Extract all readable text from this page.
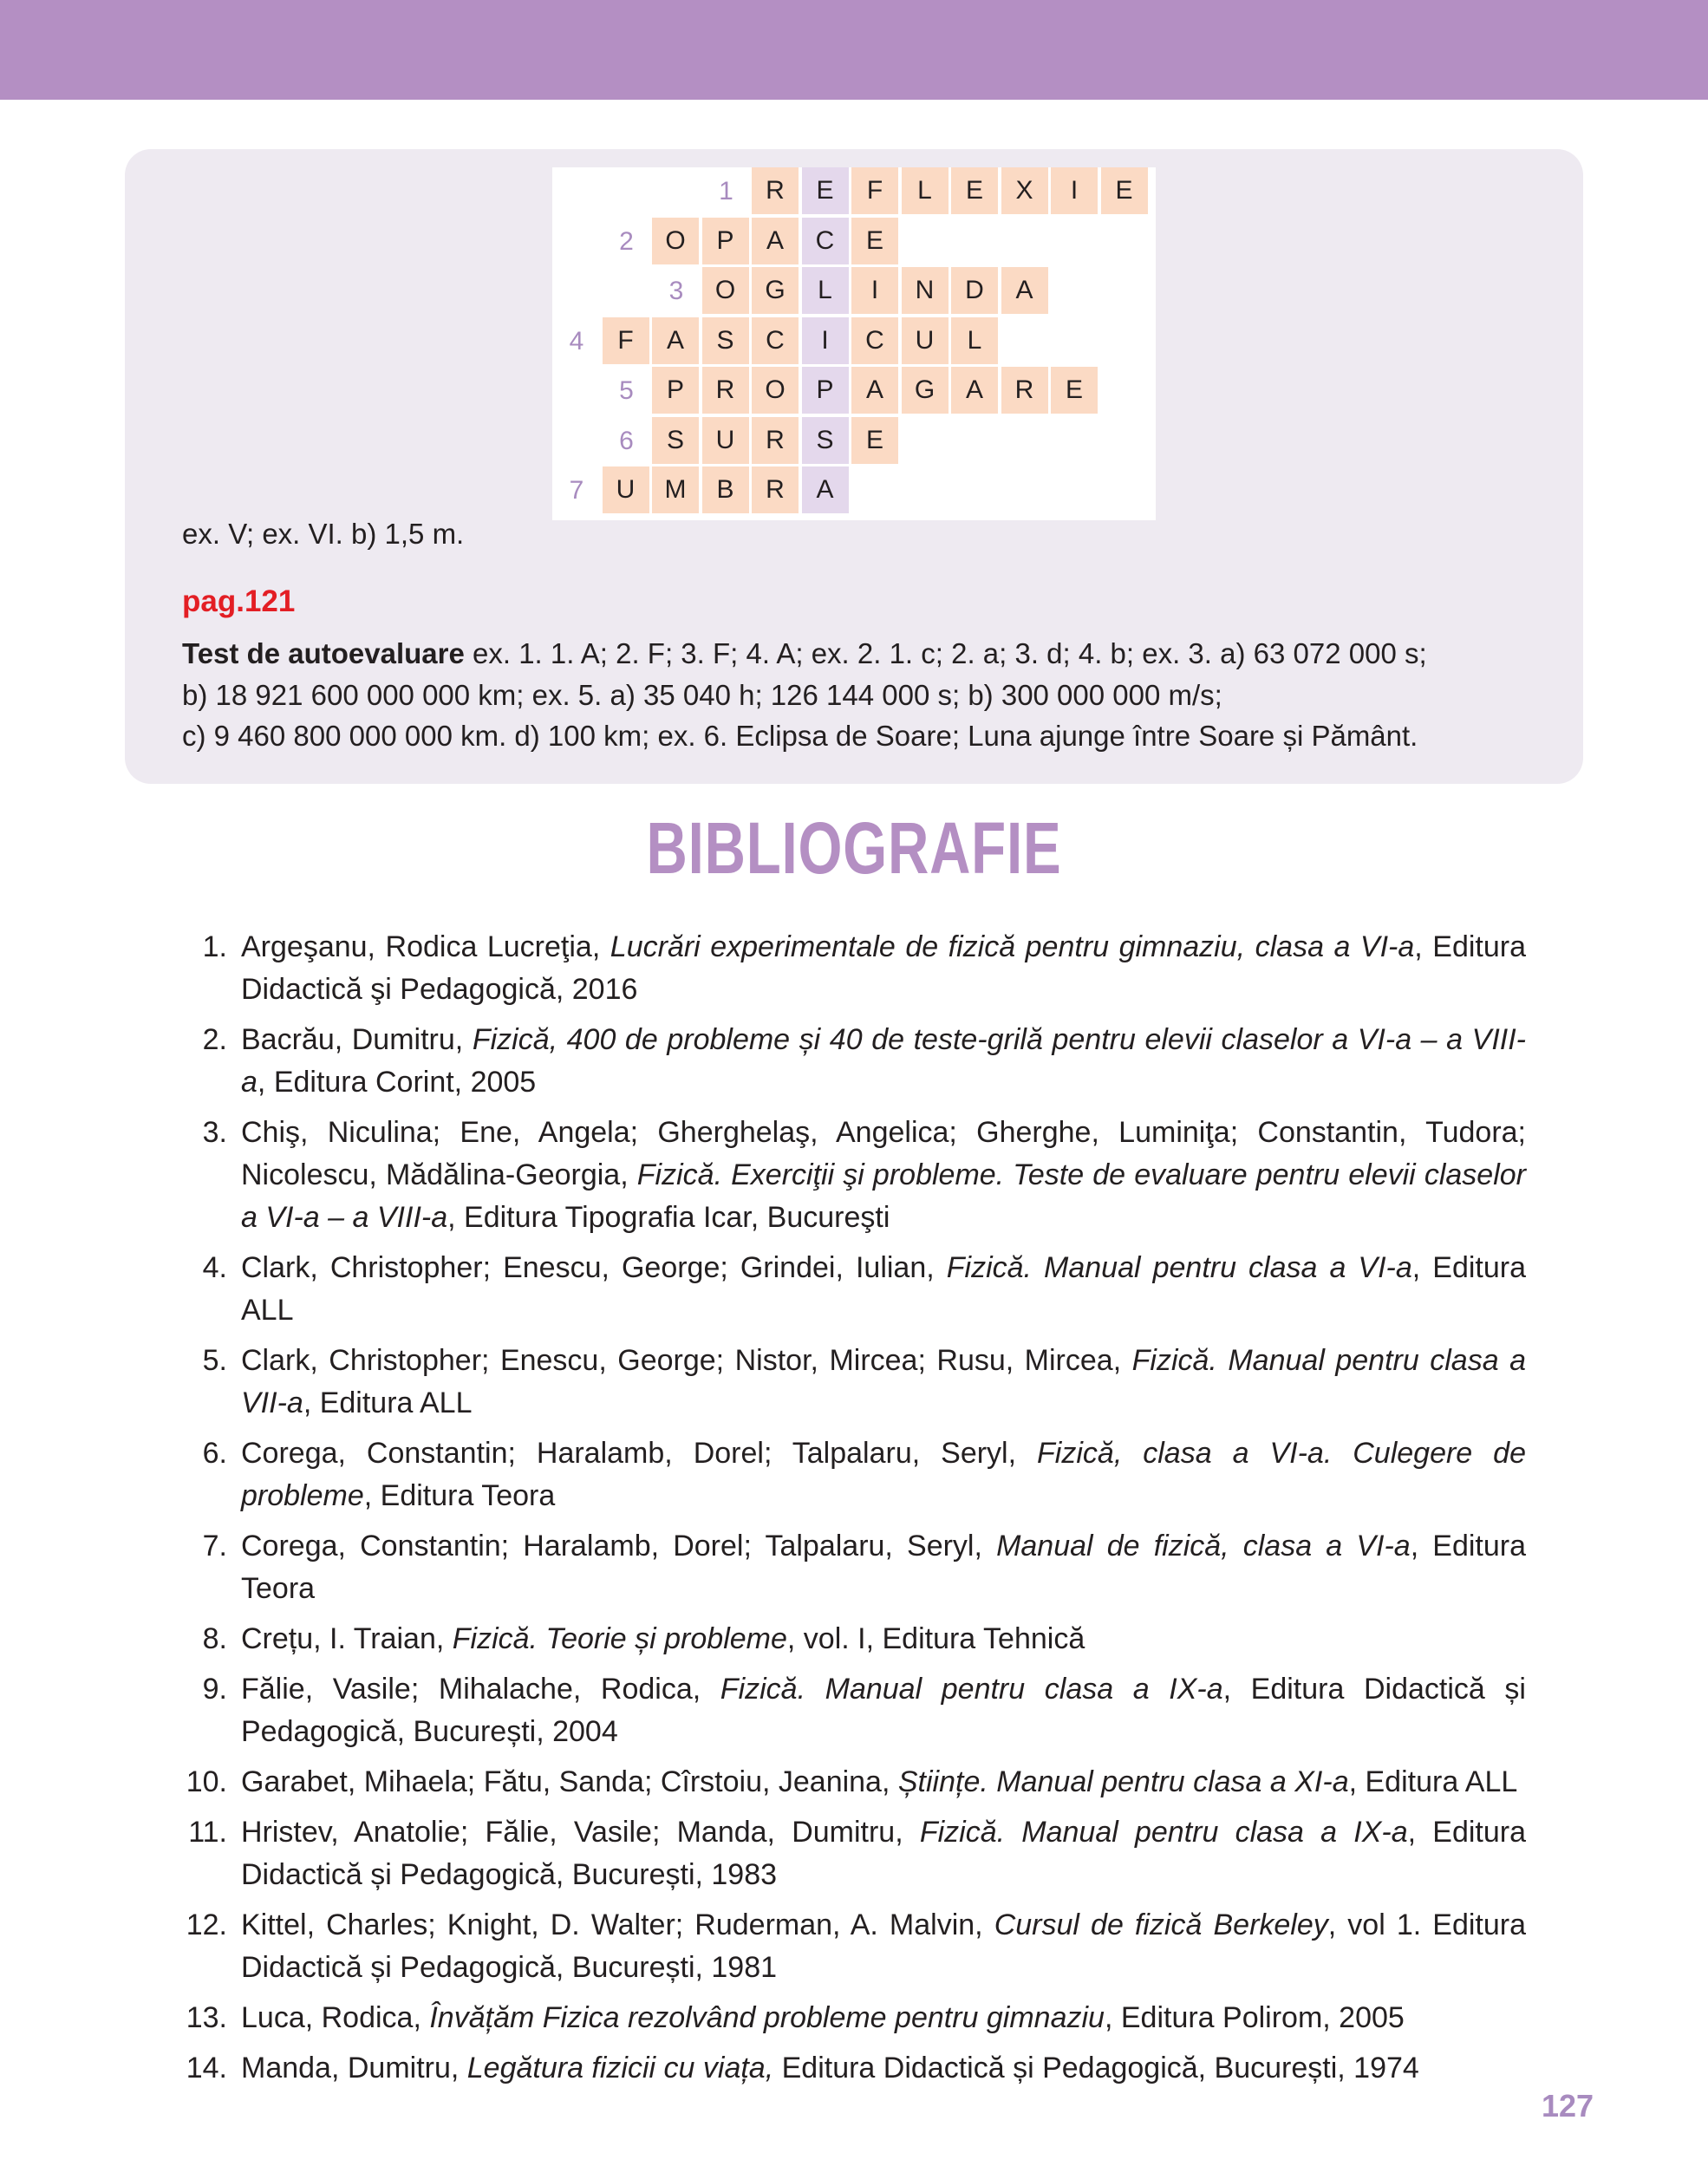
1	R	E	F	L	E	X	I	E
2	O	P	A	C	E
3	O	G	L	I	N	D	A
4	F	A	S	C	I	C	U	L
5	P	R	O	P	A	G	A	R	E
6	S	U	R	S	E
7	U	M	B	R	A
ex. V; ex. VI. b) 1,5 m.
pag.121
Test de autoevaluare ex. 1. 1. A; 2. F; 3. F; 4. A; ex. 2. 1. c; 2. a; 3. d; 4. b; ex. 3. a) 63 072 000 s;
b) 18 921 600 000 000 km; ex. 5. a) 35 040 h; 126 144 000 s; b) 300 000 000 m/s;
c) 9 460 800 000 000 km. d) 100 km; ex. 6. Eclipsa de Soare; Luna ajunge între Soare și Pământ.
BIBLIOGRAFIE
1. Argeşanu, Rodica Lucreţia, Lucrări experimentale de fizică pentru gimnaziu, clasa a VI-a, Editura Didactică şi Pedagogică, 2016
2. Bacrău, Dumitru, Fizică, 400 de probleme și 40 de teste-grilă pentru elevii claselor a VI-a – a VIII-a, Editura Corint, 2005
3. Chiş, Niculina; Ene, Angela; Gherghelaş, Angelica; Gherghe, Luminiţa; Constantin, Tudora; Nicolescu, Mădălina-Georgia, Fizică. Exerciţii şi probleme. Teste de evaluare pentru elevii claselor a VI-a – a VIII-a, Editura Tipografia Icar, Bucureşti
4. Clark, Christopher; Enescu, George; Grindei, Iulian, Fizică. Manual pentru clasa a VI-a, Editura ALL
5. Clark, Christopher; Enescu, George; Nistor, Mircea; Rusu, Mircea, Fizică. Manual pentru clasa a VII-a, Editura ALL
6. Corega, Constantin; Haralamb, Dorel; Talpalaru, Seryl, Fizică, clasa a VI-a. Culegere de probleme, Editura Teora
7. Corega, Constantin; Haralamb, Dorel; Talpalaru, Seryl, Manual de fizică, clasa a VI-a, Editura Teora
8. Crețu, I. Traian, Fizică. Teorie și probleme, vol. I, Editura Tehnică
9. Fălie, Vasile; Mihalache, Rodica, Fizică. Manual pentru clasa a IX-a, Editura Didactică și Pedagogică, București, 2004
10. Garabet, Mihaela; Fătu, Sanda; Cîrstoiu, Jeanina, Științe. Manual pentru clasa a XI-a, Editura ALL
11. Hristev, Anatolie; Fălie, Vasile; Manda, Dumitru, Fizică. Manual pentru clasa a IX-a, Editura Didactică și Pedagogică, București, 1983
12. Kittel, Charles; Knight, D. Walter; Ruderman, A. Malvin, Cursul de fizică Berkeley, vol 1. Editura Didactică și Pedagogică, București, 1981
13. Luca, Rodica, Învățăm Fizica rezolvând probleme pentru gimnaziu, Editura Polirom, 2005
14. Manda, Dumitru, Legătura fizicii cu viața, Editura Didactică și Pedagogică, București, 1974
127
